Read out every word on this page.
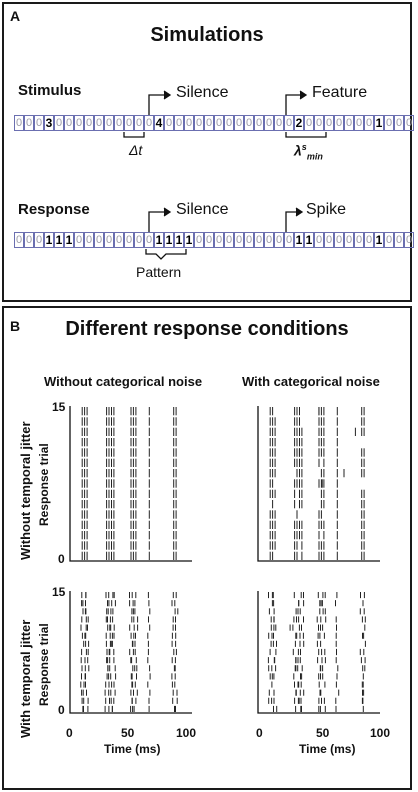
A
Simulations
Stimulus	Silence	Feature
0 0 0 3 0 0 0 0 0 0 0 0 0 0 4 0 0 0 0 0 0 0 0 0 0 0 0 0 2 0 0 0 0 0 0 0 1 0 0 0
Δt	$\lambda^s_{min}$
Response	Silence	Spike
0 0 0 1 1 1 0 0 0 0 0 0 0 0 1 1 1 1 0 0 0 0 0 0 0 0 0 0 1 1 0 0 0 0 0 0 1 0 0 0
Pattern
B	Different response conditions
Without categorical noise	With categorical noise
Without temporal jitter
With temporal jitter
Response trial
Response trial
15
0
15
0
0	50	100	0	50	100
Time (ms)	Time (ms)
